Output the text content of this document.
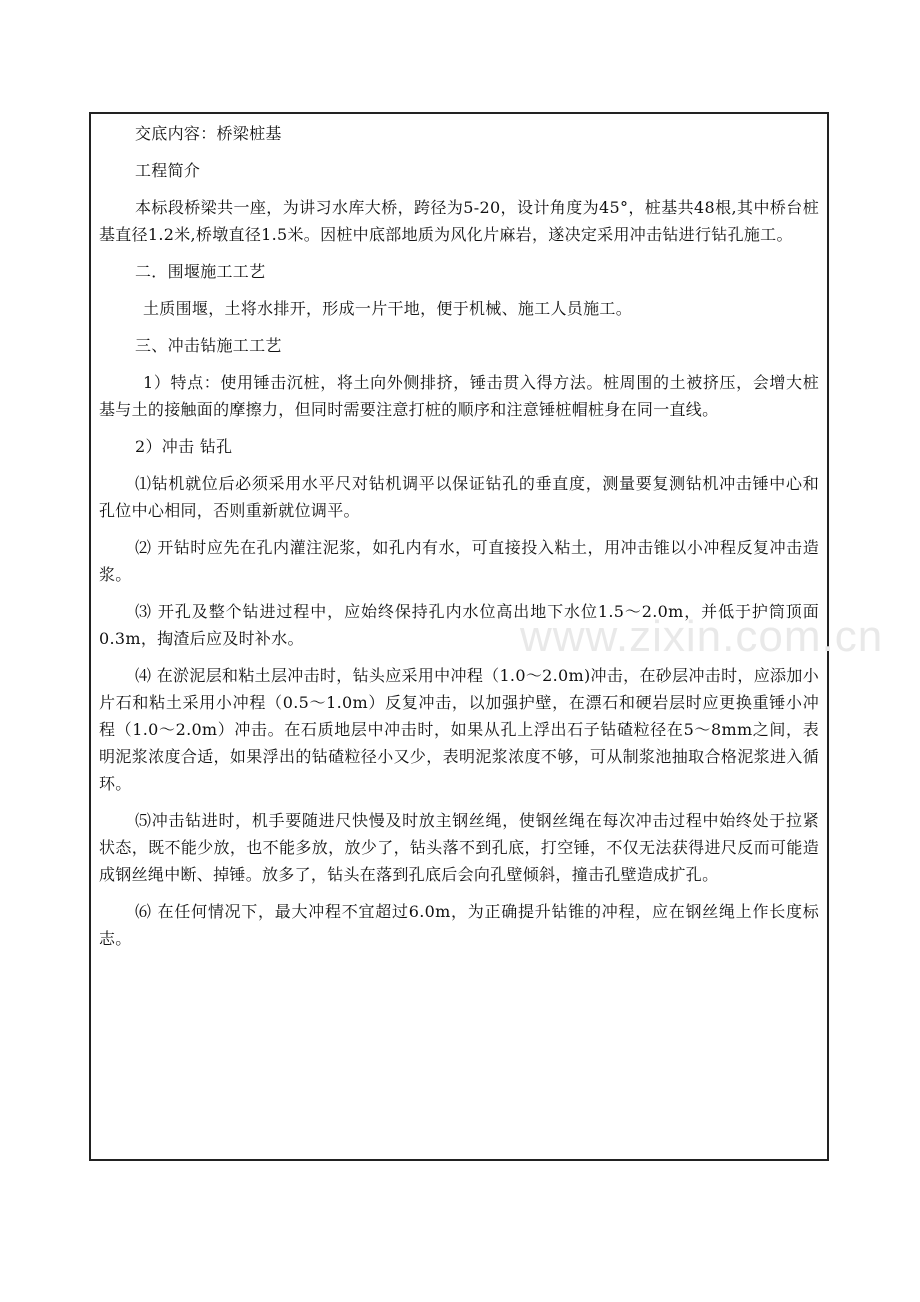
交底内容：桥梁桩基

工程简介

本标段桥梁共一座，为讲习水库大桥，跨径为5-20，设计角度为45°，桩基共48根,其中桥台桩基直径1.2米,桥墩直径1.5米。因桩中底部地质为风化片麻岩，遂决定采用冲击钻进行钻孔施工。

二．围堰施工工艺

土质围堰，土将水排开，形成一片干地，便于机械、施工人员施工。

三、冲击钻施工工艺

1）特点：使用锤击沉桩，将土向外侧排挤，锤击贯入得方法。桩周围的土被挤压，会增大桩基与土的接触面的摩擦力，但同时需要注意打桩的顺序和注意锤桩帽桩身在同一直线。

2）冲击 钻孔

⑴钻机就位后必须采用水平尺对钻机调平以保证钻孔的垂直度，测量要复测钻机冲击锤中心和孔位中心相同，否则重新就位调平。

⑵ 开钻时应先在孔内灌注泥浆，如孔内有水，可直接投入粘土，用冲击锥以小冲程反复冲击造浆。

⑶ 开孔及整个钻进过程中，应始终保持孔内水位高出地下水位1.5～2.0m，并低于护筒顶面0.3m，掏渣后应及时补水。

⑷ 在淤泥层和粘土层冲击时，钻头应采用中冲程（1.0～2.0m)冲击，在砂层冲击时，应添加小片石和粘土采用小冲程（0.5～1.0m）反复冲击，以加强护壁，在漂石和硬岩层时应更换重锤小冲程（1.0～2.0m）冲击。在石质地层中冲击时，如果从孔上浮出石子钻碴粒径在5～8mm之间，表明泥浆浓度合适，如果浮出的钻碴粒径小又少，表明泥浆浓度不够，可从制浆池抽取合格泥浆进入循环。

⑸冲击钻进时，机手要随进尺快慢及时放主钢丝绳，使钢丝绳在每次冲击过程中始终处于拉紧状态，既不能少放，也不能多放，放少了，钻头落不到孔底，打空锤，不仅无法获得进尺反而可能造成钢丝绳中断、掉锤。放多了，钻头在落到孔底后会向孔壁倾斜，撞击孔壁造成扩孔。

⑹ 在任何情况下，最大冲程不宜超过6.0m，为正确提升钻锥的冲程，应在钢丝绳上作长度标志。

www.zixin.com.cn
